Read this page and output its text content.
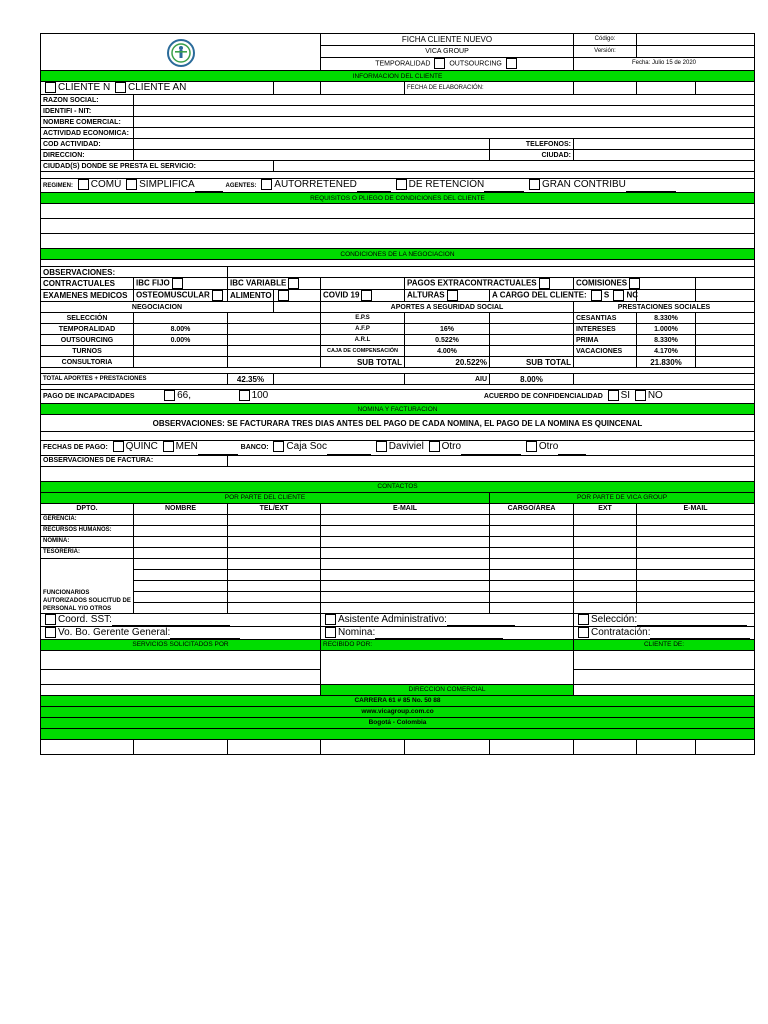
	FICHA CLIENTE NUEVO			Código:		
				VICA GROUP			Versión:		
				TEMPORALIDAD OUTSOURCING			Fecha: Julio 15 de 2020		
INFORMACION DEL CLIENTE									
CLIENTE N CLIENTE AN					FECHA DE ELABORACIÓN:				
RAZON SOCIAL:									
IDENTIFI - NIT:									
NOMBRE COMERCIAL:									
ACTIVIDAD ECONOMICA:									
COD ACTIVIDAD:						TELEFONOS:			
DIRECCION:						CIUDAD:			
CIUDAD(S) DONDE SE PRESTA EL SERVICIO:									

REGIMEN: COMÚ SIMPLIFICA AGENTES: AUTORRETENED DE RETENCIÓN GRAN CONTRIBU									
REQUISITOS O PLIEGO DE CONDICIONES DEL CLIENTE									

CONDICIONES DE LA NEGOCIACION									

OBSERVACIONES:									
CONTRACTUALES	IBC FIJO	IBC VARIABLE			PAGOS EXTRACONTRACTUALES		COMISIONES		
EXAMENES MEDICOS	OSTEOMUSCULAR	ALIMENTO		COVID 19	ALTURAS	A CARGO DEL CLIENTE: S NC			
NEGOCIACION				APORTES A SEGURIDAD SOCIAL			PRESTACIONES SOCIALES		
SELECCIÓN				E.P.S			CESANTIAS	8.330%	
TEMPORALIDAD	8.00%			A.F.P	16%		INTERESES	1.000%	
OUTSOURCING	0.00%			A.R.L	0.522%		PRIMA	8.330%	
TURNOS				CAJA DE COMPENSACIÓN	4.00%		VACACIONES	4.170%	
CONSULTORIA				SUB TOTAL	20.522%	SUB TOTAL		21.830%	

TOTAL APORTES + PRESTACIONES		42.35%			AIU	8.00%			

PAGO DE INCAPACIDADES 66, 100 ACUERDO DE CONFIDENCIALIDAD SI NO									
NOMINA Y FACTURACION									
OBSERVACIONES: SE FACTURARA TRES DIAS ANTES DEL PAGO DE CADA NOMINA, EL PAGO DE LA NOMINA ES QUINCENAL									

FECHAS DE PAGO: QUINC MEN BANCO: Caja Soc Daviviel Otro Otro									
OBSERVACIONES DE FACTURA:									

CONTACTOS									
POR PARTE DEL CLIENTE						POR PARTE DE VICA GROUP			
DPTO.	NOMBRE	TEL/EXT		E-MAIL		CARGO/ÁREA	EXT	E-MAIL	
GERENCIA:									
RECURSOS HUMANOS:									
NOMINA:									
TESORERIA:									
FUNCIONARIOS AUTORIZADOS SOLICITUD DE PERSONAL Y/O OTROS									

Coord. SST:				Asistente Administrativo:			Selección:		
Vo. Bo. Gerente General:				Nomina:			Contratación:		
SERVICIOS SOLICITADOS POR				RECIBIDO POR:			CLIENTE DE:		

				DIRECCION COMERCIAL					
CARRERA 61 # 85 No. 50 88									
www.vicagroup.com.co									
Bogotá - Colombia									
